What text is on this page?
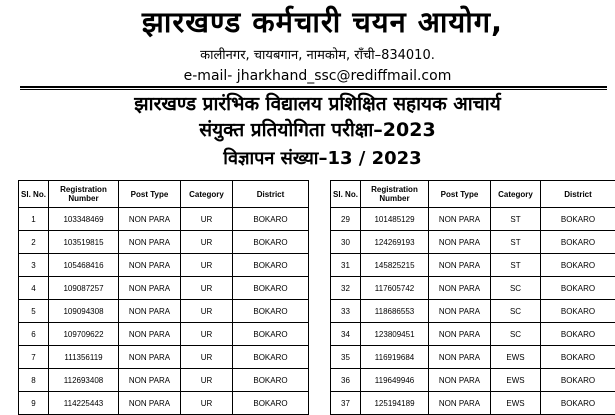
झारखण्ड कर्मचारी चयन आयोग,
कालीनगर, चायबगान, नामकोम, राँची–834010.
e-mail- jharkhand_ssc@rediffmail.com
झारखण्ड प्रारंभिक विद्यालय प्रशिक्षित सहायक आचार्य
संयुक्त प्रतियोगिता परीक्षा–2023
विज्ञापन संख्या–13 / 2023
Sl. No.	Registration Number	Post Type	Category	District
1	103348469	NON PARA	UR	BOKARO
2	103519815	NON PARA	UR	BOKARO
3	105468416	NON PARA	UR	BOKARO
4	109087257	NON PARA	UR	BOKARO
5	109094308	NON PARA	UR	BOKARO
6	109709622	NON PARA	UR	BOKARO
7	111356119	NON PARA	UR	BOKARO
8	112693408	NON PARA	UR	BOKARO
9	114225443	NON PARA	UR	BOKARO
Sl. No.	Registration Number	Post Type	Category	District
29	101485129	NON PARA	ST	BOKARO
30	124269193	NON PARA	ST	BOKARO
31	145825215	NON PARA	ST	BOKARO
32	117605742	NON PARA	SC	BOKARO
33	118686553	NON PARA	SC	BOKARO
34	123809451	NON PARA	SC	BOKARO
35	116919684	NON PARA	EWS	BOKARO
36	119649946	NON PARA	EWS	BOKARO
37	125194189	NON PARA	EWS	BOKARO
